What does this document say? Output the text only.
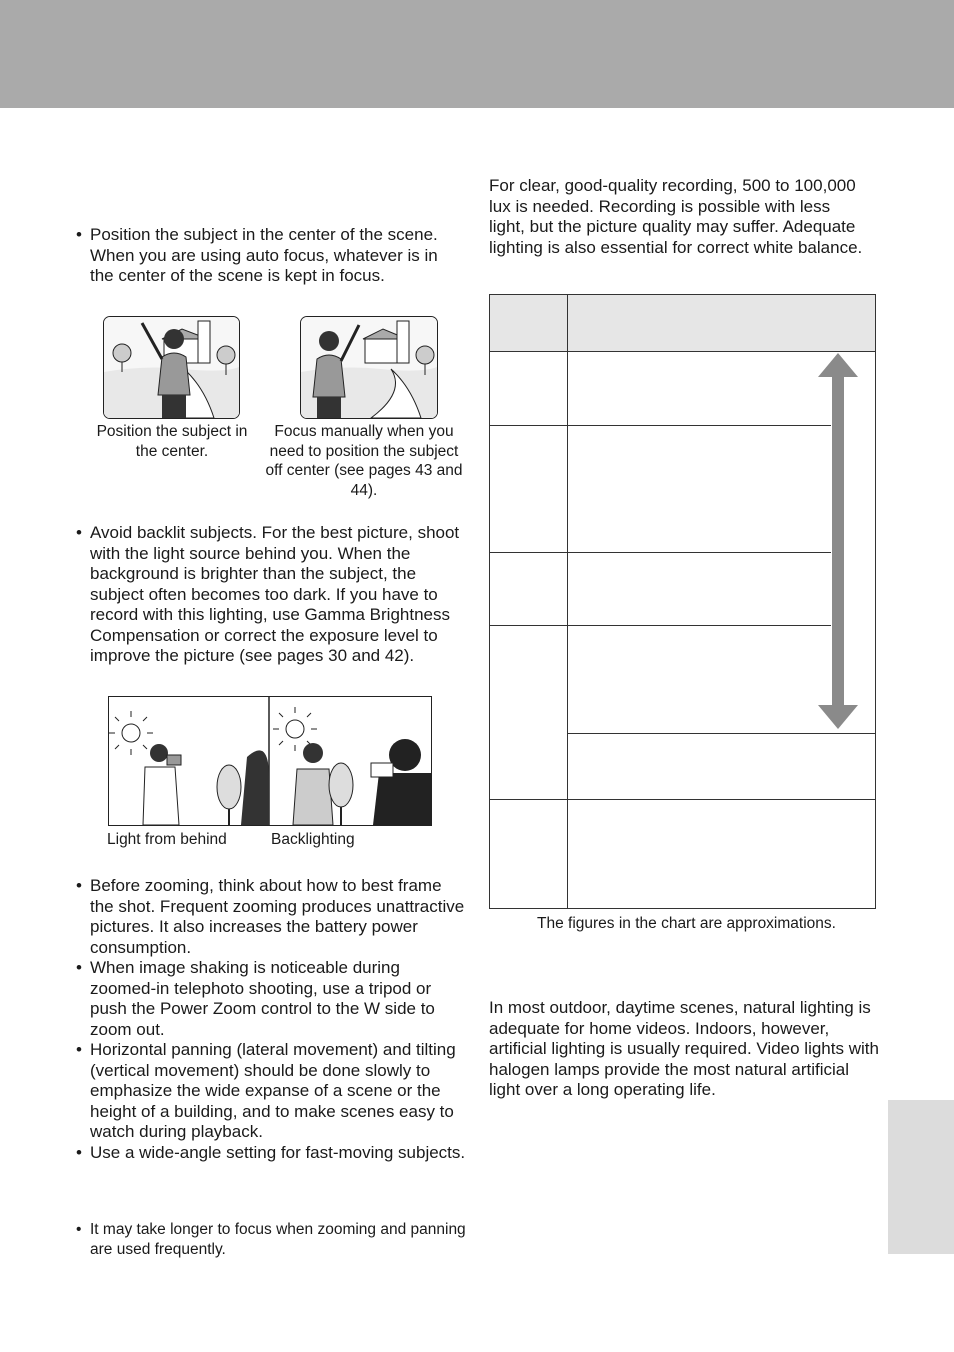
• Position the subject in the center of the scene. When you are using auto focus, whatever is in the center of the scene is kept in focus.
Position the subject in the center.
Focus manually when you need to position the subject off center (see pages 43 and 44).
• Avoid backlit subjects. For the best picture, shoot with the light source behind you. When the background is brighter than the subject, the subject often becomes too dark. If you have to record with this lighting, use Gamma Brightness Compensation or correct the exposure level to improve the picture (see pages 30 and 42).
Light from behind	Backlighting
• Before zooming, think about how to best frame the shot. Frequent zooming produces unattractive pictures. It also increases the battery power consumption.
• When image shaking is noticeable during zoomed-in telephoto shooting, use a tripod or push the Power Zoom control to the W side to zoom out.
• Horizontal panning (lateral movement) and tilting (vertical movement) should be done slowly to emphasize the wide expanse of a scene or the height of a building, and to make scenes easy to watch during playback.
• Use a wide-angle setting for fast-moving subjects.
• It may take longer to focus when zooming and panning are used frequently.
For clear, good-quality recording, 500 to 100,000 lux is needed. Recording is possible with less light, but the picture quality may suffer. Adequate lighting is also essential for correct white balance.
The figures in the chart are approximations.
In most outdoor, daytime scenes, natural lighting is adequate for home videos. Indoors, however, artificial lighting is usually required. Video lights with halogen lamps provide the most natural artificial light over a long operating life.
